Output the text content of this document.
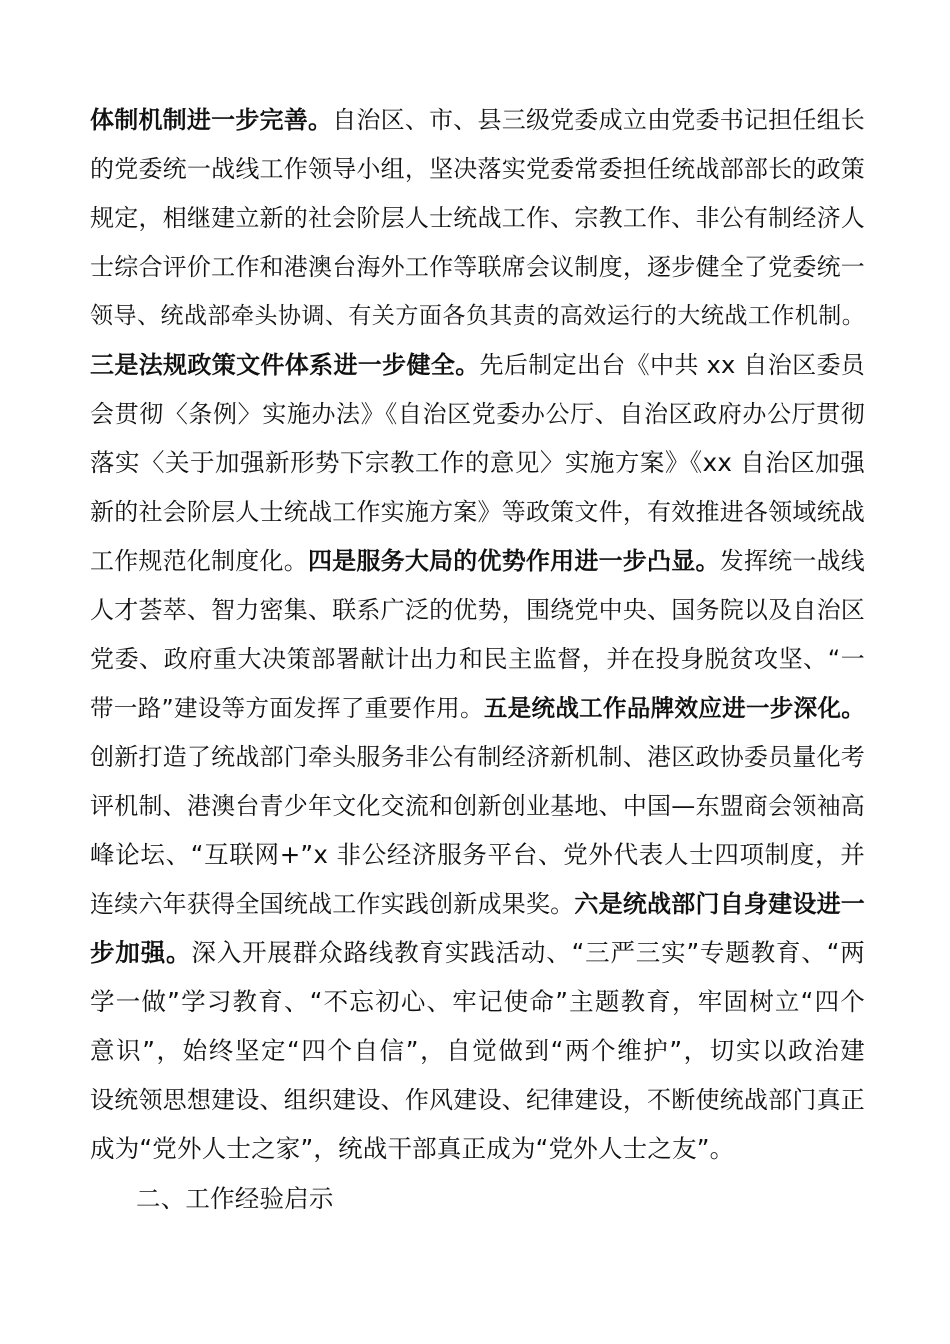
体制机制进一步完善。自治区、市、县三级党委成立由党委书记担任组长
的党委统一战线工作领导小组，坚决落实党委常委担任统战部部长的政策
规定，相继建立新的社会阶层人士统战工作、宗教工作、非公有制经济人
士综合评价工作和港澳台海外工作等联席会议制度，逐步健全了党委统一
领导、统战部牵头协调、有关方面各负其责的高效运行的大统战工作机制。
三是法规政策文件体系进一步健全。先后制定出台《中共 xx 自治区委员
会贯彻〈条例〉实施办法》《自治区党委办公厅、自治区政府办公厅贯彻
落实〈关于加强新形势下宗教工作的意见〉实施方案》《xx 自治区加强
新的社会阶层人士统战工作实施方案》等政策文件，有效推进各领域统战
工作规范化制度化。四是服务大局的优势作用进一步凸显。发挥统一战线
人才荟萃、智力密集、联系广泛的优势，围绕党中央、国务院以及自治区
党委、政府重大决策部署献计出力和民主监督，并在投身脱贫攻坚、“一
带一路”建设等方面发挥了重要作用。五是统战工作品牌效应进一步深化。
创新打造了统战部门牵头服务非公有制经济新机制、港区政协委员量化考
评机制、港澳台青少年文化交流和创新创业基地、中国—东盟商会领袖高
峰论坛、“互联网+”x 非公经济服务平台、党外代表人士四项制度，并
连续六年获得全国统战工作实践创新成果奖。六是统战部门自身建设进一
步加强。深入开展群众路线教育实践活动、“三严三实”专题教育、“两
学一做”学习教育、“不忘初心、牢记使命”主题教育，牢固树立“四个
意识”，始终坚定“四个自信”，自觉做到“两个维护”，切实以政治建
设统领思想建设、组织建设、作风建设、纪律建设，不断使统战部门真正
成为“党外人士之家”，统战干部真正成为“党外人士之友”。
二、工作经验启示
